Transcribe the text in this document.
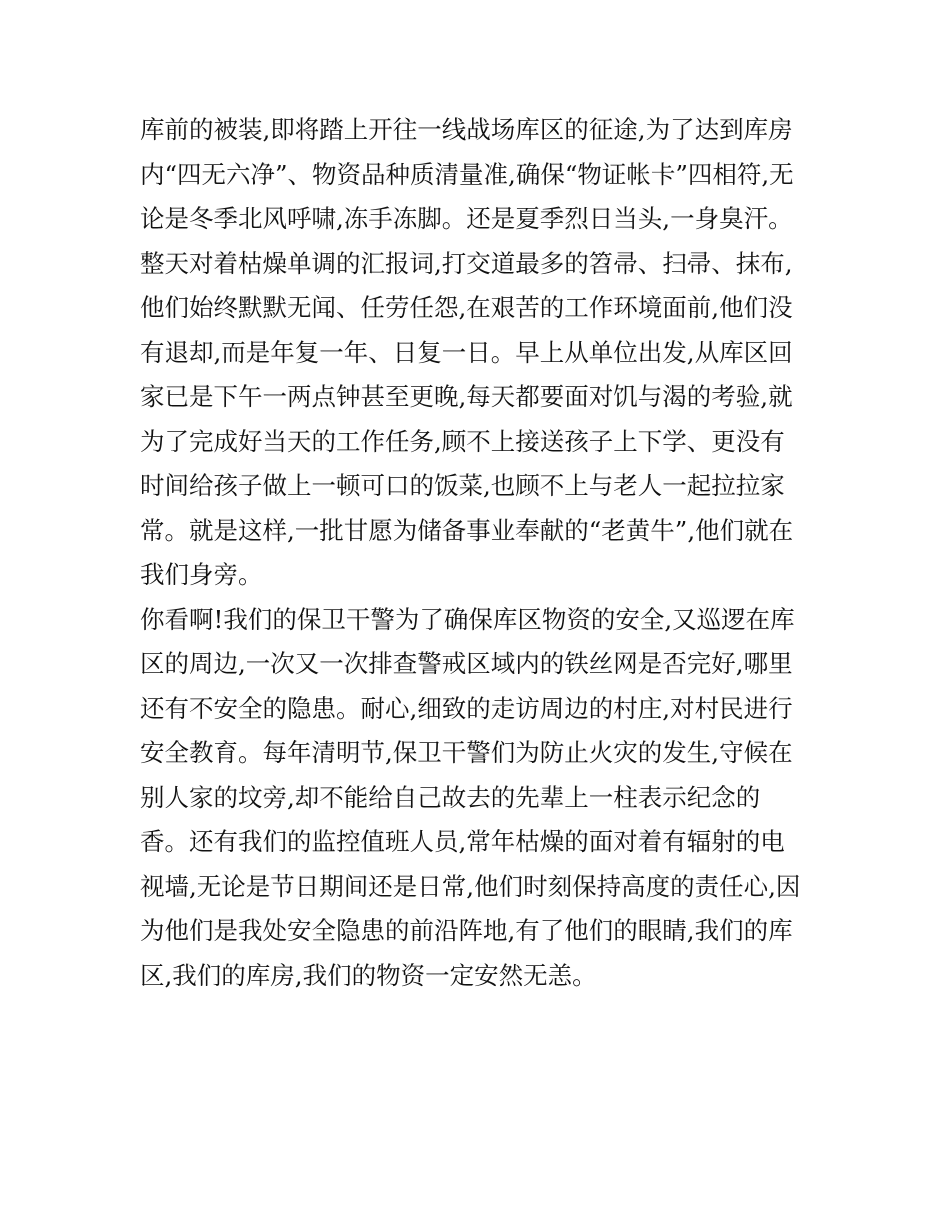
库前的被装,即将踏上开往一线战场库区的征途,为了达到库房
内“四无六净”、物资品种质清量准,确保“物证帐卡”四相符,无
论是冬季北风呼啸,冻手冻脚。还是夏季烈日当头,一身臭汗。
整天对着枯燥单调的汇报词,打交道最多的笤帚、扫帚、抹布,
他们始终默默无闻、任劳任怨,在艰苦的工作环境面前,他们没
有退却,而是年复一年、日复一日。早上从单位出发,从库区回
家已是下午一两点钟甚至更晚,每天都要面对饥与渴的考验,就
为了完成好当天的工作任务,顾不上接送孩子上下学、更没有
时间给孩子做上一顿可口的饭菜,也顾不上与老人一起拉拉家
常。就是这样,一批甘愿为储备事业奉献的“老黄牛”,他们就在
我们身旁。
你看啊!我们的保卫干警为了确保库区物资的安全,又巡逻在库
区的周边,一次又一次排查警戒区域内的铁丝网是否完好,哪里
还有不安全的隐患。耐心,细致的走访周边的村庄,对村民进行
安全教育。每年清明节,保卫干警们为防止火灾的发生,守候在
别人家的坟旁,却不能给自己故去的先辈上一柱表示纪念的
香。还有我们的监控值班人员,常年枯燥的面对着有辐射的电
视墙,无论是节日期间还是日常,他们时刻保持高度的责任心,因
为他们是我处安全隐患的前沿阵地,有了他们的眼睛,我们的库
区,我们的库房,我们的物资一定安然无恙。
